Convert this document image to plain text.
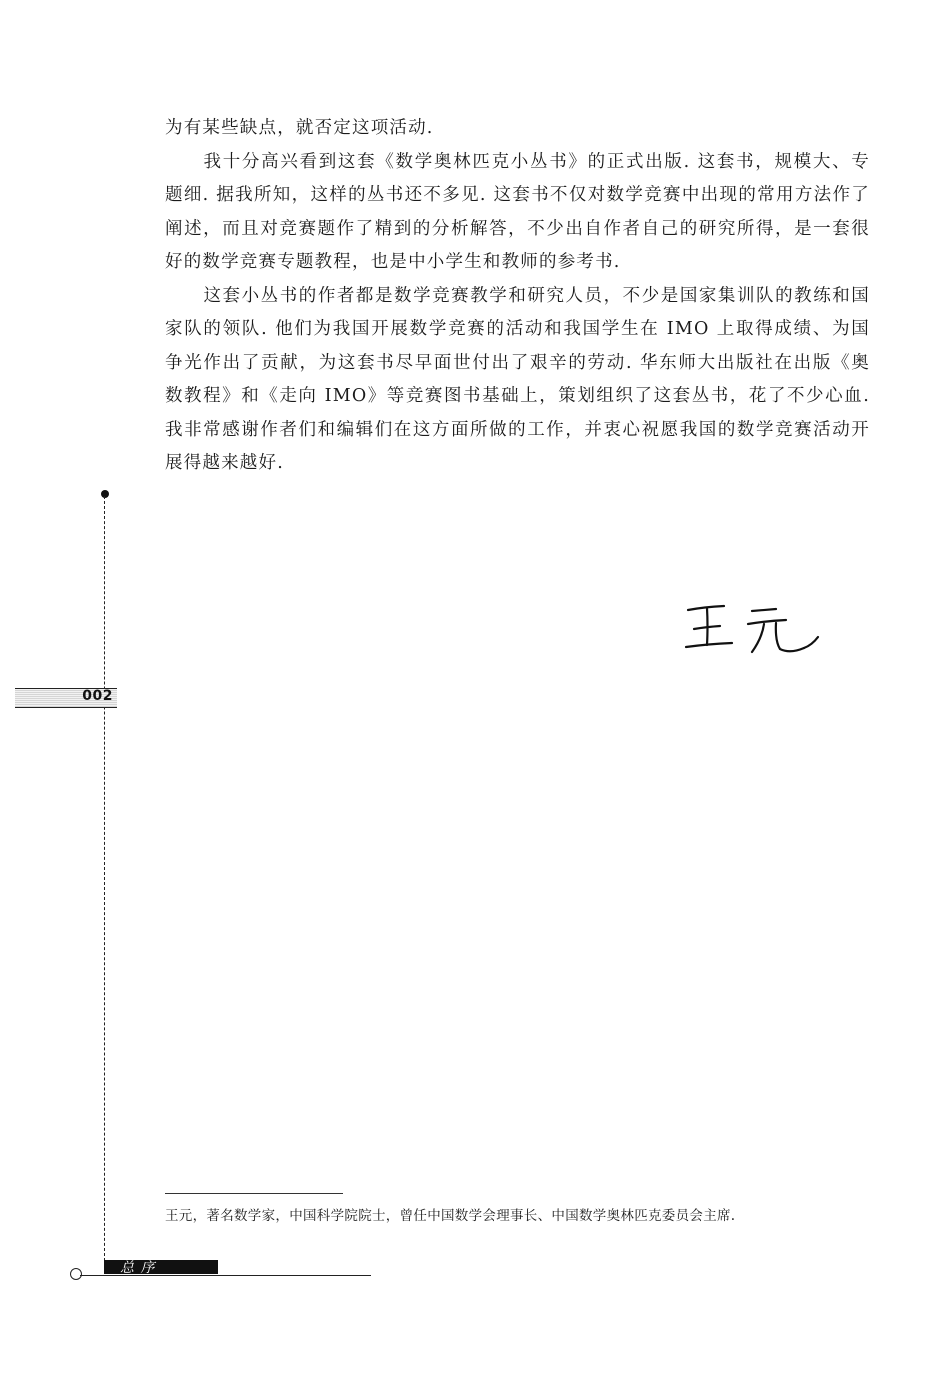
为有某些缺点，就否定这项活动.

我十分高兴看到这套《数学奥林匹克小丛书》的正式出版. 这套书，规模大、专题细. 据我所知，这样的丛书还不多见. 这套书不仅对数学竞赛中出现的常用方法作了阐述，而且对竞赛题作了精到的分析解答，不少出自作者自己的研究所得，是一套很好的数学竞赛专题教程，也是中小学生和教师的参考书.

这套小丛书的作者都是数学竞赛教学和研究人员，不少是国家集训队的教练和国家队的领队. 他们为我国开展数学竞赛的活动和我国学生在 IMO 上取得成绩、为国争光作出了贡献，为这套书尽早面世付出了艰辛的劳动. 华东师大出版社在出版《奥数教程》和《走向 IMO》等竞赛图书基础上，策划组织了这套丛书，花了不少心血. 我非常感谢作者们和编辑们在这方面所做的工作，并衷心祝愿我国的数学竞赛活动开展得越来越好.

002
王元，著名数学家，中国科学院院士，曾任中国数学会理事长、中国数学奥林匹克委员会主席.
总 序
